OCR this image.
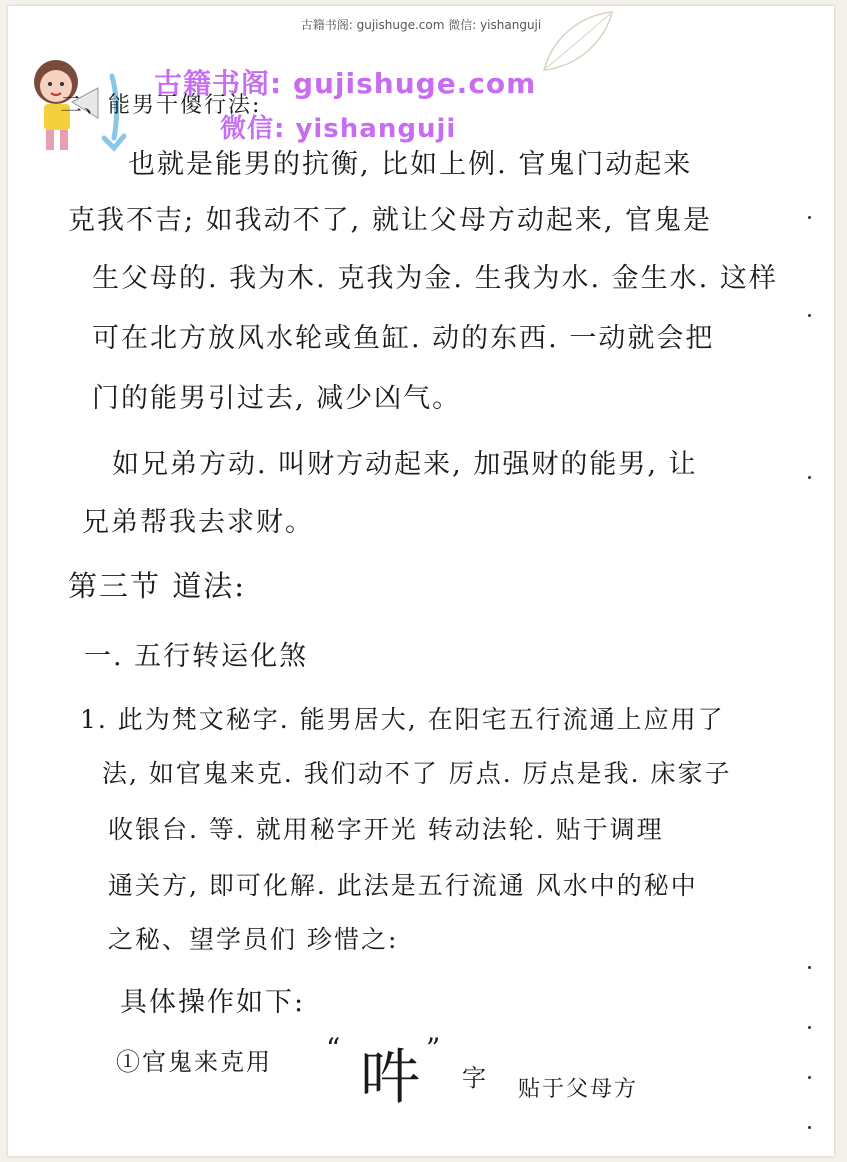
古籍书阁: gujishuge.com 微信: yishanguji
古籍书阁: gujishuge.com
微信: yishanguji
二、能男干傻行法:
也就是能男的抗衡, 比如上例. 官鬼门动起来
克我不吉; 如我动不了, 就让父母方动起来, 官鬼是
生父母的. 我为木. 克我为金. 生我为水. 金生水. 这样
可在北方放风水轮或鱼缸. 动的东西. 一动就会把
门的能男引过去, 减少凶气。
如兄弟方动. 叫财方动起来, 加强财的能男, 让
兄弟帮我去求财。
第三节 道法:
一. 五行转运化煞
1. 此为梵文秘字. 能男居大, 在阳宅五行流通上应用了
法, 如官鬼来克. 我们动不了 厉点. 厉点是我. 床家子
收银台. 等. 就用秘字开光 转动法轮. 贴于调理
通关方, 即可化解. 此法是五行流通 风水中的秘中
之秘、望学员们 珍惜之:
具体操作如下:
①官鬼来克用 “ 吽 ”
字 贴于父母方
